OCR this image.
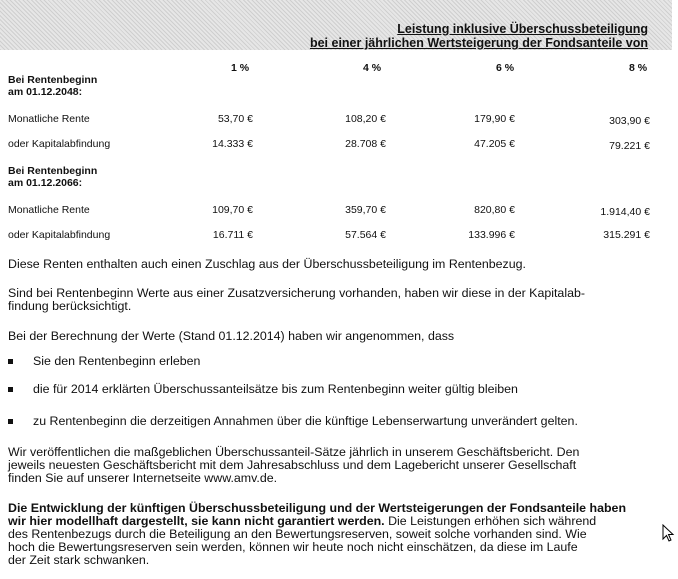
Leistung inklusive Überschussbeteiligung
bei einer jährlichen Wertsteigerung der Fondsanteile von
1 %	4 %	6 %	8 %
Bei Rentenbeginn
am 01.12.2048:
Monatliche Rente	53,70 €	108,20 €	179,90 €	303,90 €
oder Kapitalabfindung	14.333 €	28.708 €	47.205 €	79.221 €
Bei Rentenbeginn
am 01.12.2066:
Monatliche Rente	109,70 €	359,70 €	820,80 €	1.914,40 €
oder Kapitalabfindung	16.711 €	57.564 €	133.996 €	315.291 €
Diese Renten enthalten auch einen Zuschlag aus der Überschussbeteiligung im Rentenbezug.
Sind bei Rentenbeginn Werte aus einer Zusatzversicherung vorhanden, haben wir diese in der Kapitalab-
findung berücksichtigt.
Bei der Berechnung der Werte (Stand 01.12.2014) haben wir angenommen, dass
Sie den Rentenbeginn erleben
die für 2014 erklärten Überschussanteilsätze bis zum Rentenbeginn weiter gültig bleiben
zu Rentenbeginn die derzeitigen Annahmen über die künftige Lebenserwartung unverändert gelten.
Wir veröffentlichen die maßgeblichen Überschussanteil-Sätze jährlich in unserem Geschäftsbericht. Den
jeweils neuesten Geschäftsbericht mit dem Jahresabschluss und dem Lagebericht unserer Gesellschaft
finden Sie auf unserer Internetseite www.amv.de.
Die Entwicklung der künftigen Überschussbeteiligung und der Wertsteigerungen der Fondsanteile haben
wir hier modellhaft dargestellt, sie kann nicht garantiert werden. Die Leistungen erhöhen sich während
des Rentenbezugs durch die Beteiligung an den Bewertungsreserven, soweit solche vorhanden sind. Wie
hoch die Bewertungsreserven sein werden, können wir heute noch nicht einschätzen, da diese im Laufe
der Zeit stark schwanken.
